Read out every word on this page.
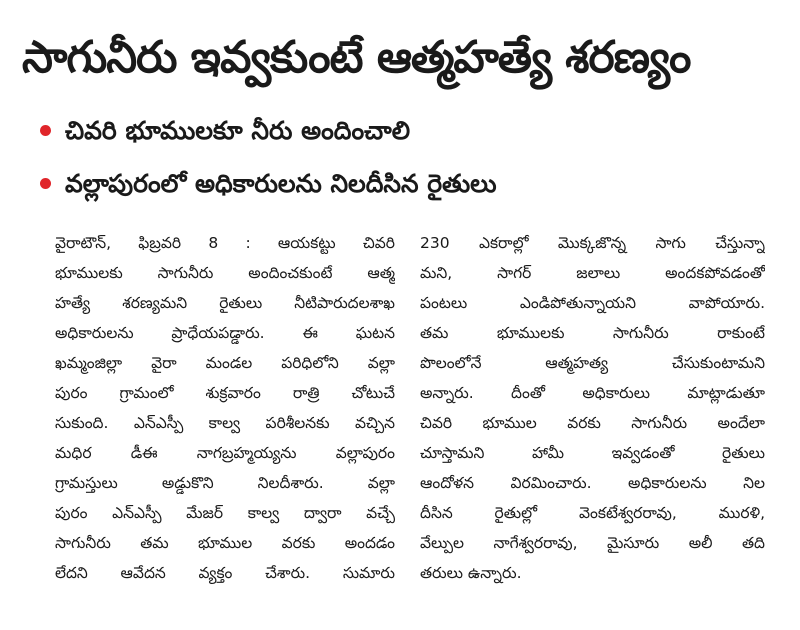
సాగునీరు ఇవ్వకుంటే ఆత్మహత్యే శరణ్యం
చివరి భూములకూ నీరు అందించాలి
వల్లాపురంలో అధికారులను నిలదీసిన రైతులు
వైరాటౌన్, ఫిబ్రవరి 8 : ఆయకట్టు చివరి
భూములకు సాగునీరు అందించకుంటే ఆత్మ
హత్యే శరణ్యమని రైతులు నీటిపారుదలశాఖ
అధికారులను ప్రాధేయపడ్డారు. ఈ ఘటన
ఖమ్మంజిల్లా వైరా మండల పరిధిలోని వల్లా
పురం గ్రామంలో శుక్రవారం రాత్రి చోటుచే
సుకుంది. ఎన్ఎస్పీ కాల్వ పరిశీలనకు వచ్చిన
మధిర డీఈ నాగబ్రహ్మయ్యను వల్లాపురం
గ్రామస్తులు అడ్డుకొని నిలదీశారు. వల్లా
పురం ఎన్ఎస్పీ మేజర్ కాల్వ ద్వారా వచ్చే
సాగునీరు తమ భూముల వరకు అందడం
లేదని ఆవేదన వ్యక్తం చేశారు. సుమారు
230 ఎకరాల్లో మొక్కజొన్న సాగు చేస్తున్నా
మని, సాగర్ జలాలు అందకపోవడంతో
పంటలు ఎండిపోతున్నాయని వాపోయారు.
తమ భూములకు సాగునీరు రాకుంటే
పొలంలోనే ఆత్మహత్య చేసుకుంటామని
అన్నారు. దీంతో అధికారులు మాట్లాడుతూ
చివరి భూముల వరకు సాగునీరు అందేలా
చూస్తామని హామీ ఇవ్వడంతో రైతులు
ఆందోళన విరమించారు. అధికారులను నిల
దీసిన రైతుల్లో వెంకటేశ్వరరావు, మురళి,
వేల్పుల నాగేశ్వరరావు, మైసూరు అలీ తది
తరులు ఉన్నారు.
